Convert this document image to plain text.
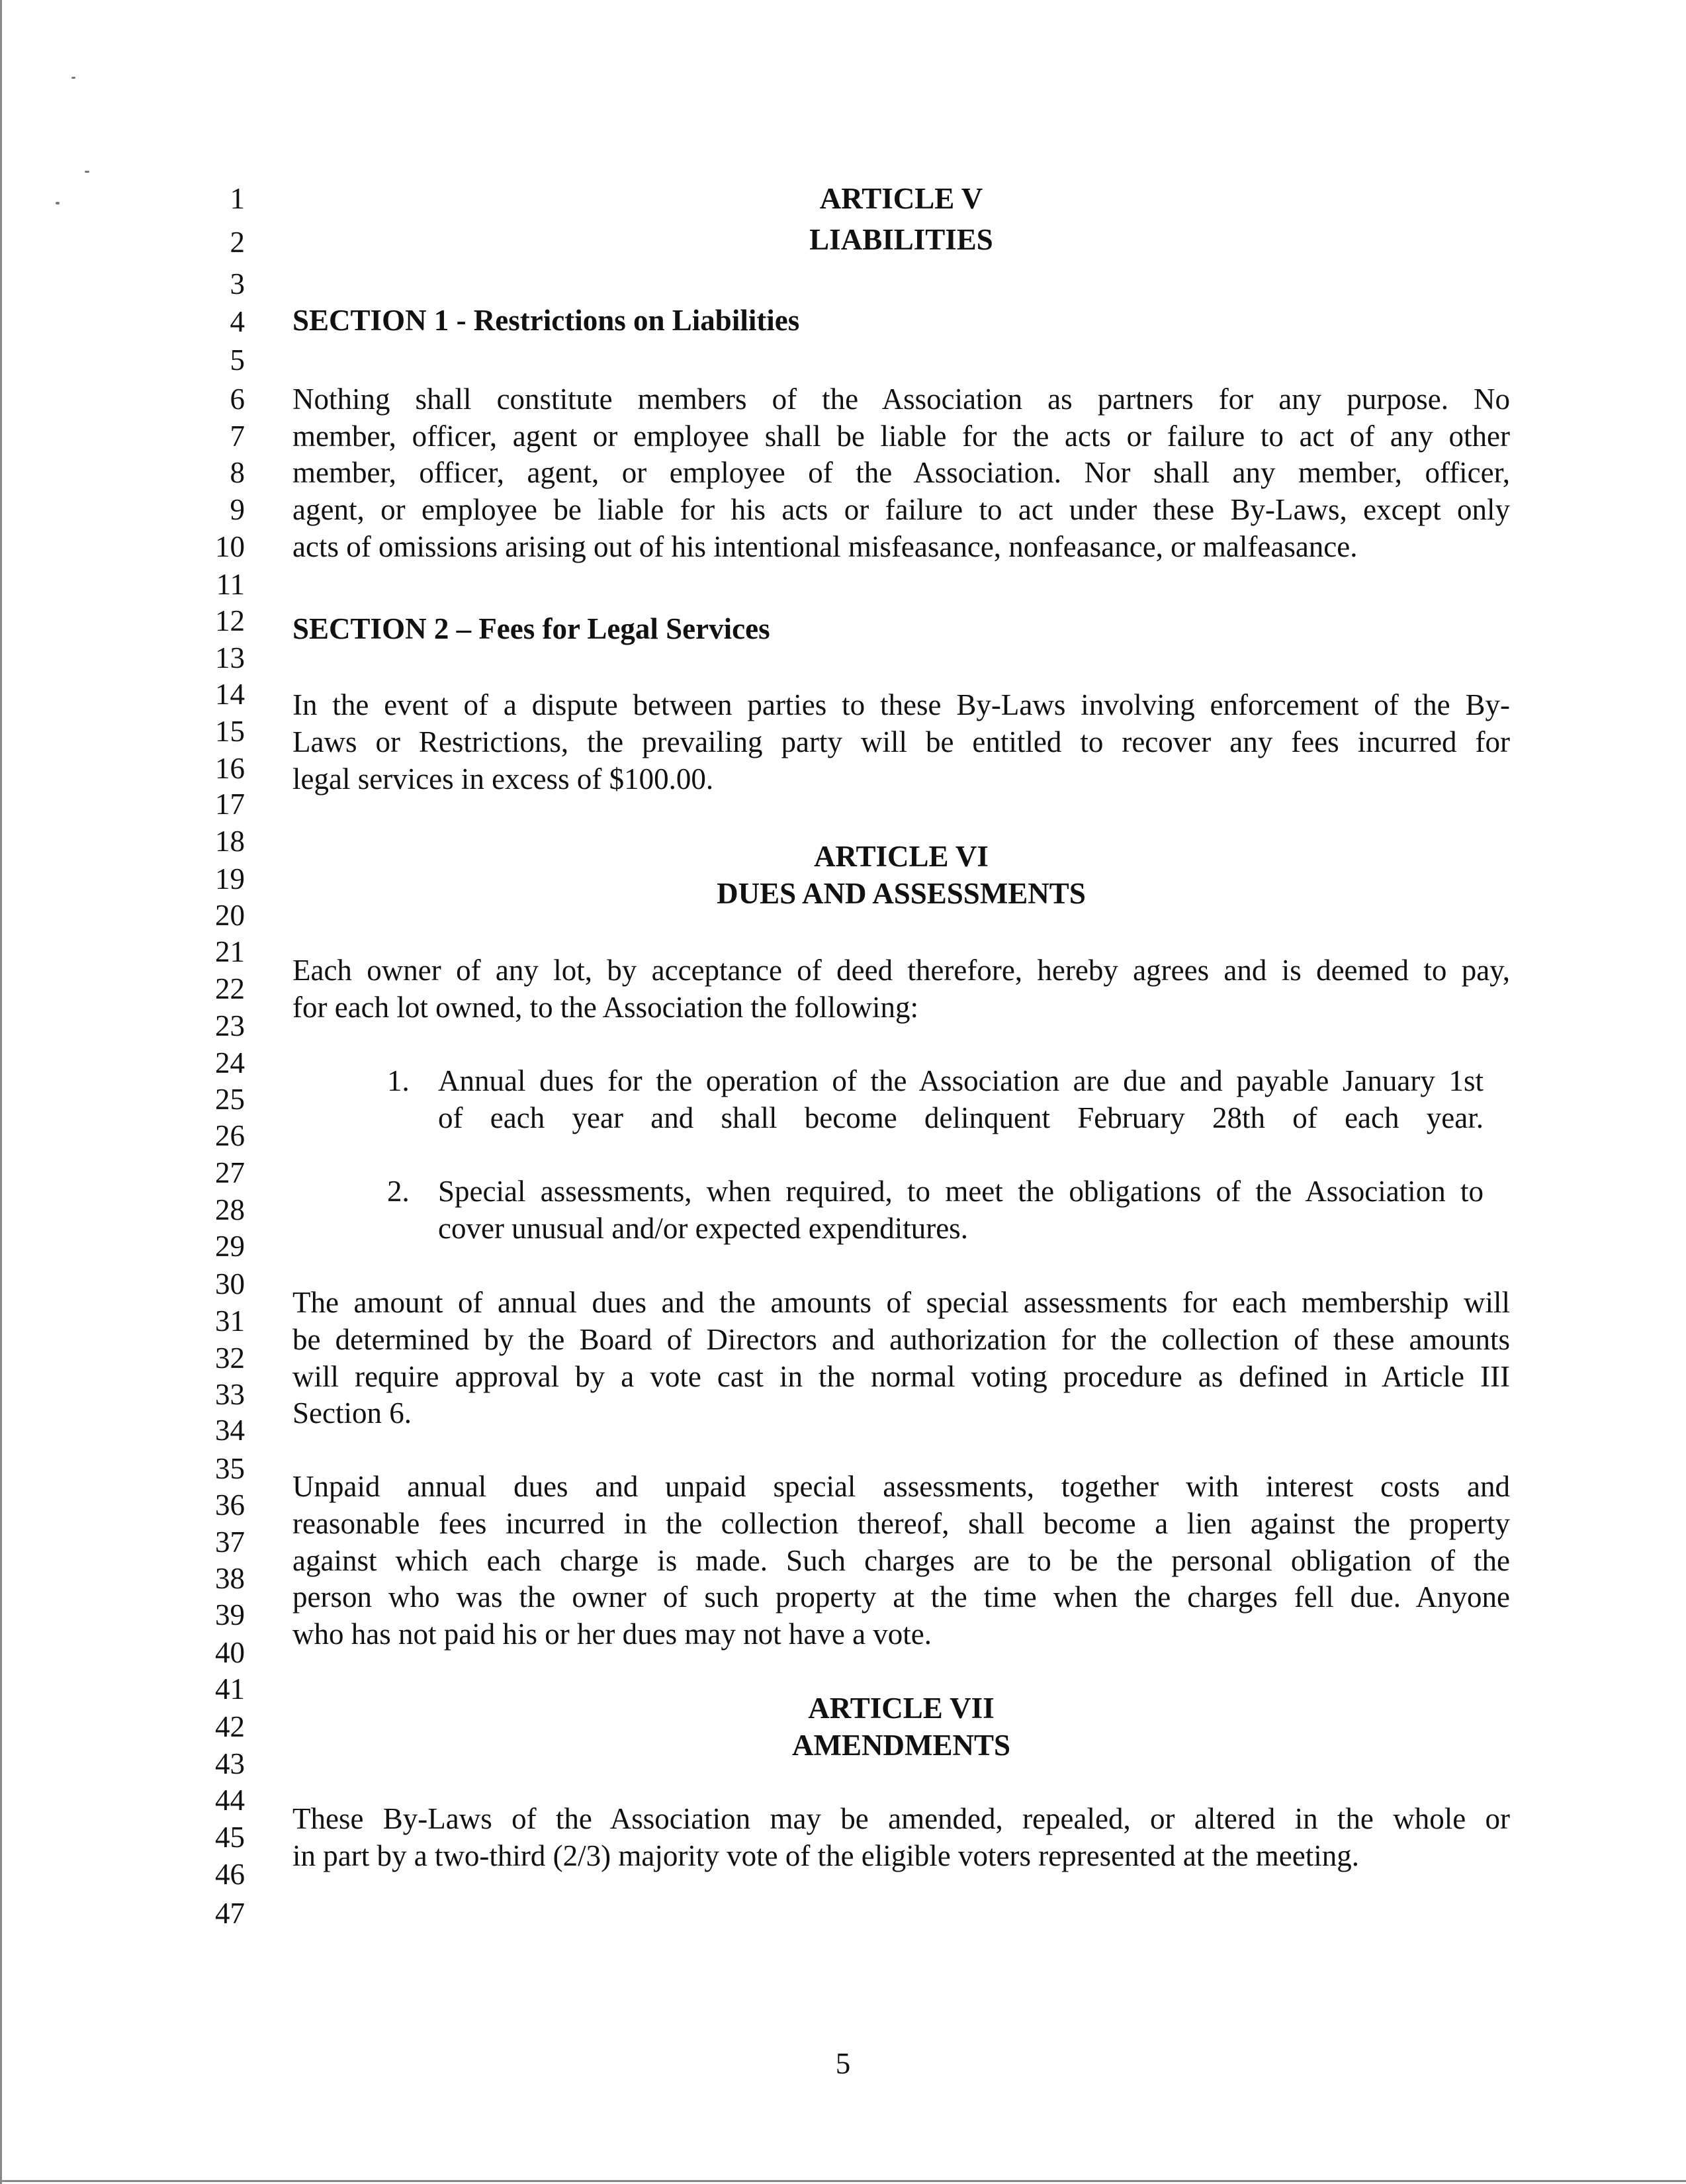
1
2
3
4
5
6
7
8
9
10
11
12
13
14
15
16
17
18
19
20
21
22
23
24
25
26
27
28
29
30
31
32
33
34
35
36
37
38
39
40
41
42
43
44
45
46
47
ARTICLE V
LIABILITIES
SECTION 1 - Restrictions on Liabilities
Nothing shall constitute members of the Association as partners for any purpose. No
member, officer, agent or employee shall be liable for the acts or failure to act of any other
member, officer, agent, or employee of the Association. Nor shall any member, officer,
agent, or employee be liable for his acts or failure to act under these By-Laws, except only
acts of omissions arising out of his intentional misfeasance, nonfeasance, or malfeasance.
SECTION 2 – Fees for Legal Services
In the event of a dispute between parties to these By-Laws involving enforcement of the By-
Laws or Restrictions, the prevailing party will be entitled to recover any fees incurred for
legal services in excess of $100.00.
ARTICLE VI
DUES AND ASSESSMENTS
Each owner of any lot, by acceptance of deed therefore, hereby agrees and is deemed to pay,
for each lot owned, to the Association the following:
1. Annual dues for the operation of the Association are due and payable January 1st
of each year and shall become delinquent February 28th of each year.
2. Special assessments, when required, to meet the obligations of the Association to
cover unusual and/or expected expenditures.
The amount of annual dues and the amounts of special assessments for each membership will
be determined by the Board of Directors and authorization for the collection of these amounts
will require approval by a vote cast in the normal voting procedure as defined in Article III
Section 6.
Unpaid annual dues and unpaid special assessments, together with interest costs and
reasonable fees incurred in the collection thereof, shall become a lien against the property
against which each charge is made. Such charges are to be the personal obligation of the
person who was the owner of such property at the time when the charges fell due. Anyone
who has not paid his or her dues may not have a vote.
ARTICLE VII
AMENDMENTS
These By-Laws of the Association may be amended, repealed, or altered in the whole or
in part by a two-third (2/3) majority vote of the eligible voters represented at the meeting.
5
